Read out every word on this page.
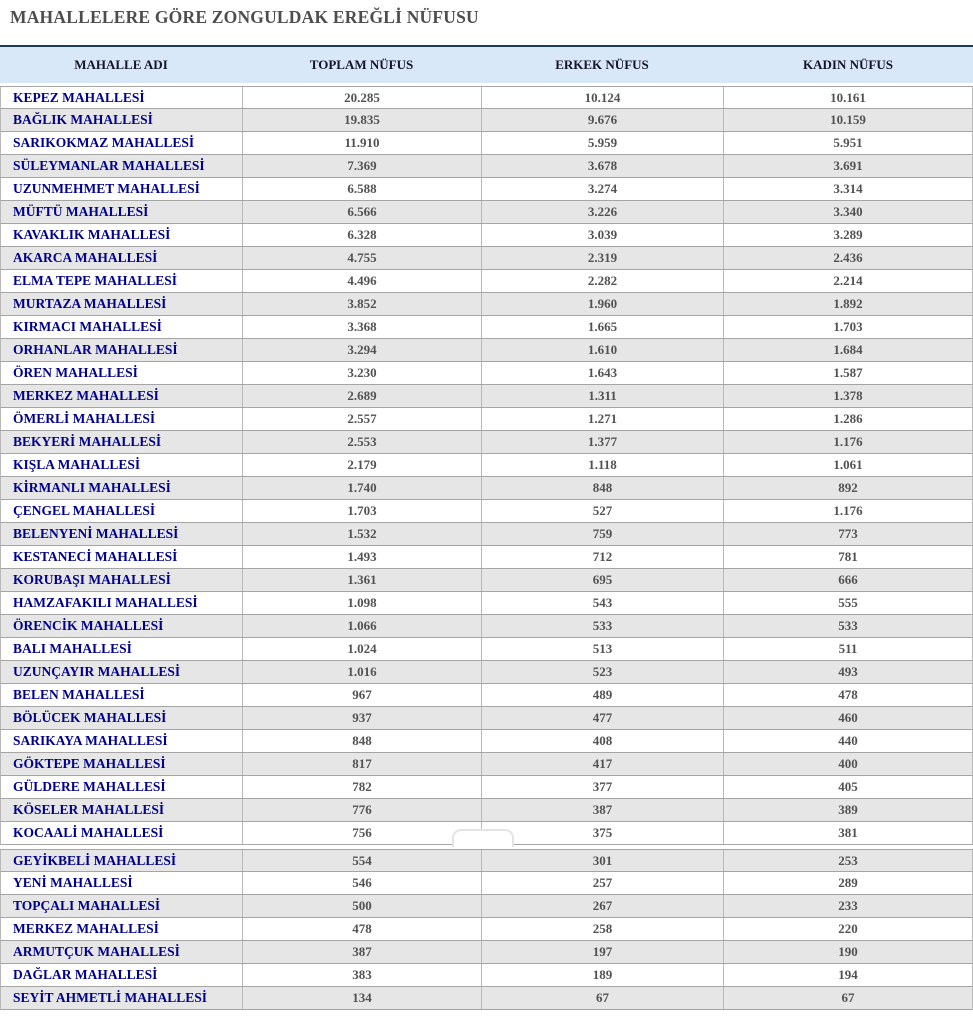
MAHALLELERE GÖRE ZONGULDAK EREĞLİ NÜFUSU
MAHALLE ADI	TOPLAM NÜFUS	ERKEK NÜFUS	KADIN NÜFUS
KEPEZ MAHALLESİ	20.285	10.124	10.161
BAĞLIK MAHALLESİ	19.835	9.676	10.159
SARIKOKMAZ MAHALLESİ	11.910	5.959	5.951
SÜLEYMANLAR MAHALLESİ	7.369	3.678	3.691
UZUNMEHMET MAHALLESİ	6.588	3.274	3.314
MÜFTÜ MAHALLESİ	6.566	3.226	3.340
KAVAKLIK MAHALLESİ	6.328	3.039	3.289
AKARCA MAHALLESİ	4.755	2.319	2.436
ELMA TEPE MAHALLESİ	4.496	2.282	2.214
MURTAZA MAHALLESİ	3.852	1.960	1.892
KIRMACI MAHALLESİ	3.368	1.665	1.703
ORHANLAR MAHALLESİ	3.294	1.610	1.684
ÖREN MAHALLESİ	3.230	1.643	1.587
MERKEZ MAHALLESİ	2.689	1.311	1.378
ÖMERLİ MAHALLESİ	2.557	1.271	1.286
BEKYERİ MAHALLESİ	2.553	1.377	1.176
KIŞLA MAHALLESİ	2.179	1.118	1.061
KİRMANLI MAHALLESİ	1.740	848	892
ÇENGEL MAHALLESİ	1.703	527	1.176
BELENYENİ MAHALLESİ	1.532	759	773
KESTANECİ MAHALLESİ	1.493	712	781
KORUBAŞI MAHALLESİ	1.361	695	666
HAMZAFAKILI MAHALLESİ	1.098	543	555
ÖRENCİK MAHALLESİ	1.066	533	533
BALI MAHALLESİ	1.024	513	511
UZUNÇAYIR MAHALLESİ	1.016	523	493
BELEN MAHALLESİ	967	489	478
BÖLÜCEK MAHALLESİ	937	477	460
SARIKAYA MAHALLESİ	848	408	440
GÖKTEPE MAHALLESİ	817	417	400
GÜLDERE MAHALLESİ	782	377	405
KÖSELER MAHALLESİ	776	387	389
KOCAALİ MAHALLESİ	756	375	381
GEYİKBELİ MAHALLESİ	554	301	253
YENİ MAHALLESİ	546	257	289
TOPÇALI MAHALLESİ	500	267	233
MERKEZ MAHALLESİ	478	258	220
ARMUTÇUK MAHALLESİ	387	197	190
DAĞLAR MAHALLESİ	383	189	194
SEYİT AHMETLİ MAHALLESİ	134	67	67
